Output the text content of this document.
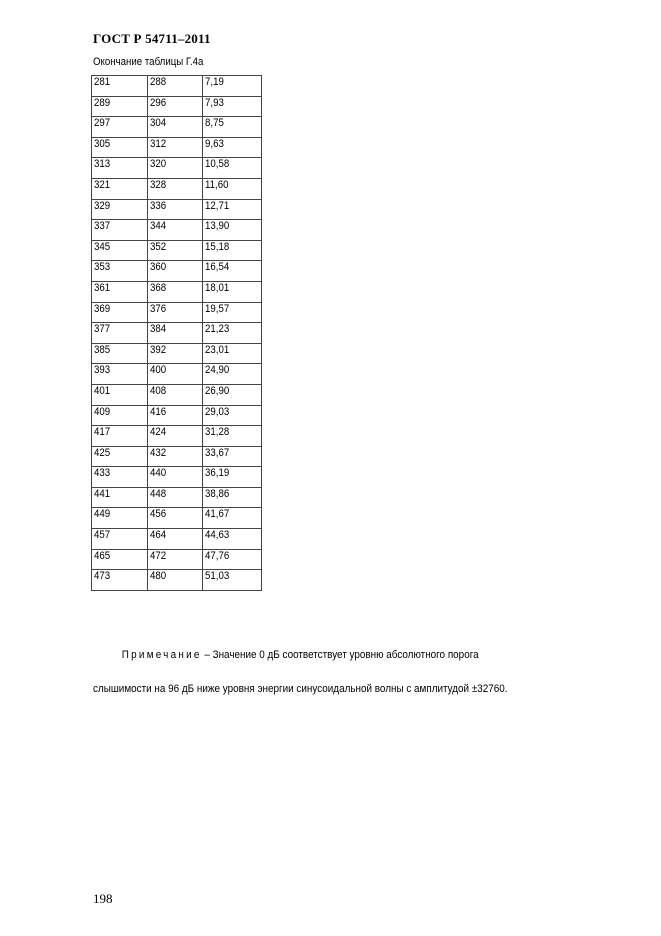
ГОСТ Р 54711–2011
Окончание таблицы Г.4а
281	288	7,19
289	296	7,93
297	304	8,75
305	312	9,63
313	320	10,58
321	328	11,60
329	336	12,71
337	344	13,90
345	352	15,18
353	360	16,54
361	368	18,01
369	376	19,57
377	384	21,23
385	392	23,01
393	400	24,90
401	408	26,90
409	416	29,03
417	424	31,28
425	432	33,67
433	440	36,19
441	448	38,86
449	456	41,67
457	464	44,63
465	472	47,76
473	480	51,03
Примечание – Значение 0 дБ соответствует уровню абсолютного порога
слышимости на 96 дБ ниже уровня энергии синусоидальной волны с амплитудой ±32760.
198
